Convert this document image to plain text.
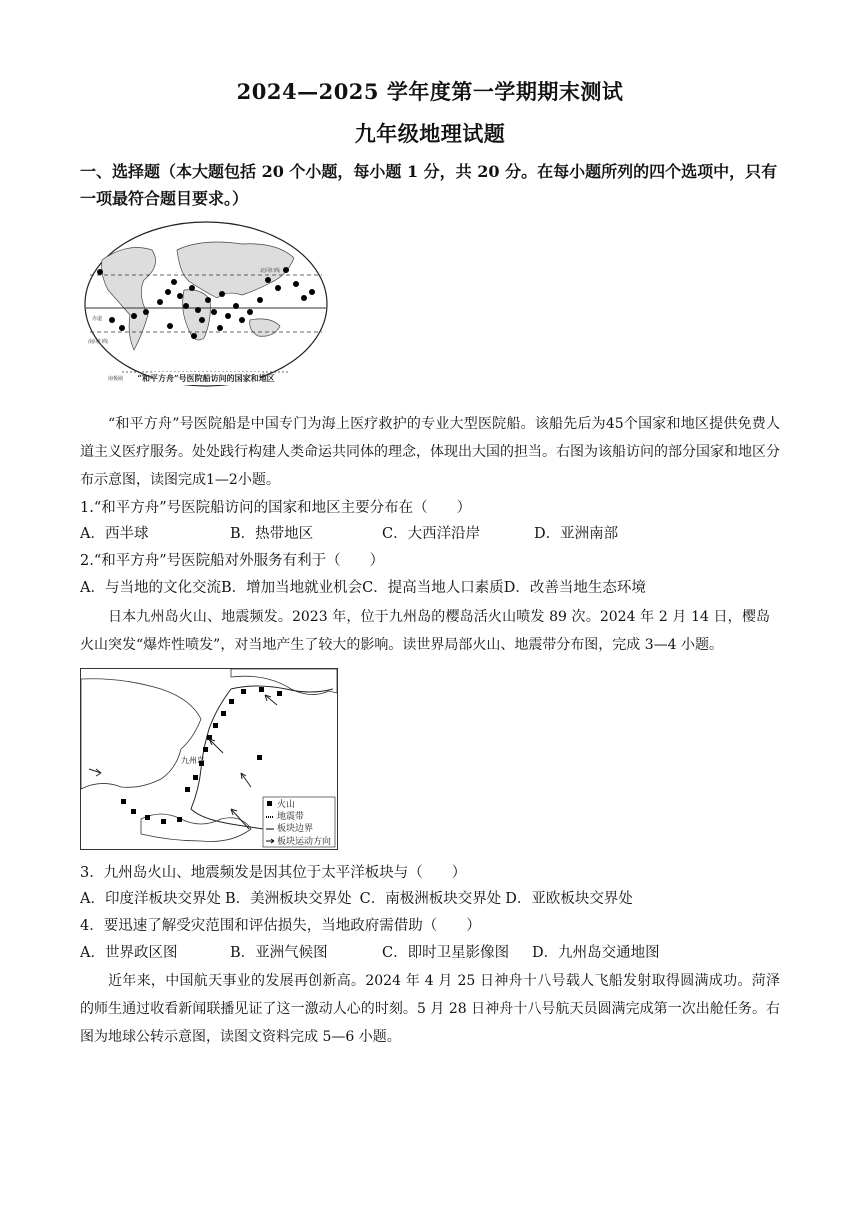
2024—2025 学年度第一学期期末测试
九年级地理试题
一、选择题（本大题包括 20 个小题，每小题 1 分，共 20 分。在每小题所列的四个选项中，只有一项最符合题目要求。）
赤道
南回归线
南极圈
北回归线
“和平方舟”号医院船访问的国家和地区
“和平方舟”号医院船是中国专门为海上医疗救护的专业大型医院船。该船先后为45个国家和地区提供免费人道主义医疗服务。处处践行构建人类命运共同体的理念，体现出大国的担当。右图为该船访问的部分国家和地区分布示意图，读图完成1—2小题。
1.“和平方舟”号医院船访问的国家和地区主要分布在（　　）
A．西半球	B．热带地区	C．大西洋沿岸	D．亚洲南部
2.“和平方舟”号医院船对外服务有利于（　　）
A．与当地的文化交流B．增加当地就业机会C．提高当地人口素质D．改善当地生态环境
日本九州岛火山、地震频发。2023 年，位于九州岛的樱岛活火山喷发 89 次。2024 年 2 月 14 日，樱岛火山突发“爆炸性喷发”，对当地产生了较大的影响。读世界局部火山、地震带分布图，完成 3—4 小题。
九州岛
火山
地震带
板块边界
板块运动方向
3．九州岛火山、地震频发是因其位于太平洋板块与（　　）
A．印度洋板块交界处 B．美洲板块交界处 C．南极洲板块交界处 D．亚欧板块交界处
4．要迅速了解受灾范围和评估损失，当地政府需借助（　　）
A．世界政区图	B．亚洲气候图	C．即时卫星影像图 D．九州岛交通地图
近年来，中国航天事业的发展再创新高。2024 年 4 月 25 日神舟十八号载人飞船发射取得圆满成功。菏泽的师生通过收看新闻联播见证了这一激动人心的时刻。5 月 28 日神舟十八号航天员圆满完成第一次出舱任务。右图为地球公转示意图，读图文资料完成 5—6 小题。
